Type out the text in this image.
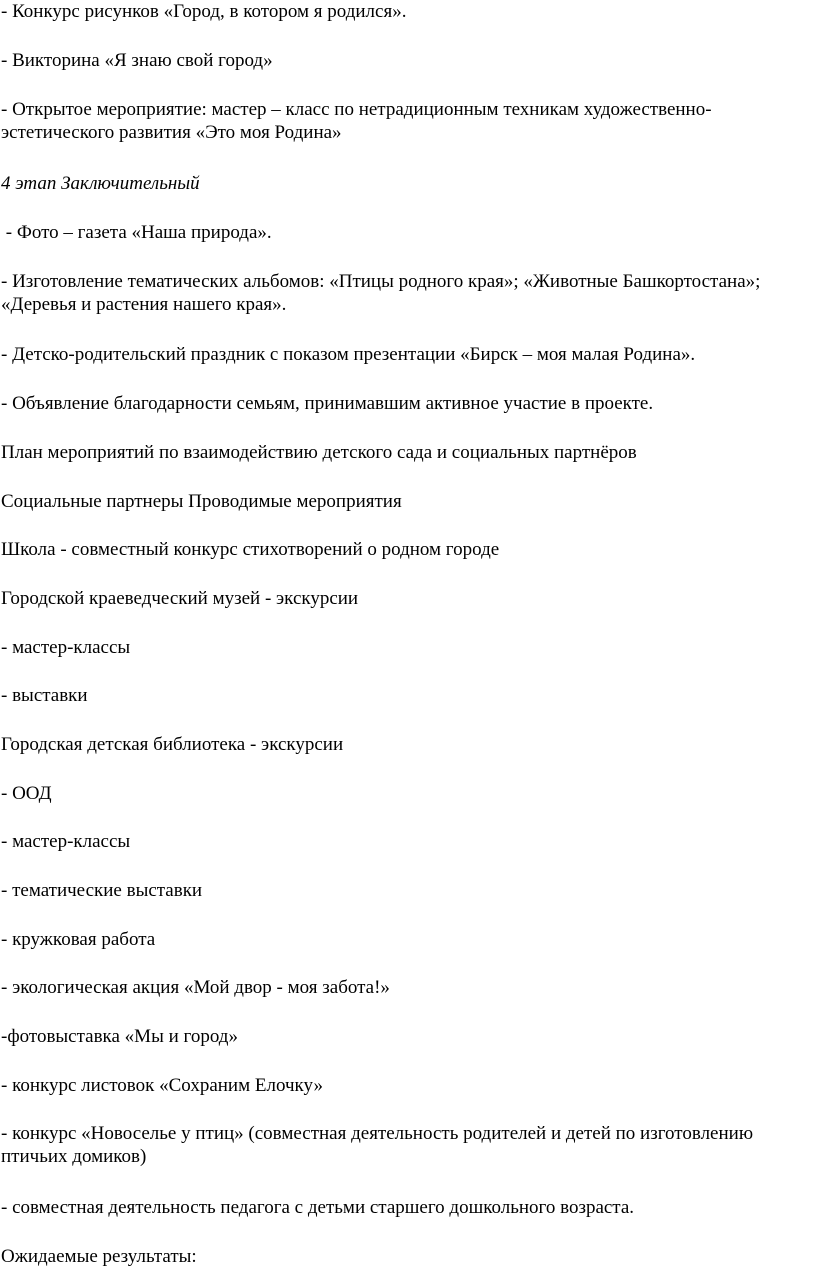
- Конкурс рисунков «Город, в котором я родился».

- Викторина «Я знаю свой город»

- Открытое мероприятие: мастер – класс по нетрадиционным техникам художественно-эстетического развития «Это моя Родина»

4 этап Заключительный

- Фото – газета «Наша природа».

- Изготовление тематических альбомов: «Птицы родного края»; «Животные Башкортостана»; «Деревья и растения нашего края».

- Детско-родительский праздник с показом презентации «Бирск – моя малая Родина».

- Объявление благодарности семьям, принимавшим активное участие в проекте.

План мероприятий по взаимодействию детского сада и социальных партнёров

Социальные партнеры Проводимые мероприятия

Школа - совместный конкурс стихотворений о родном городе

Городской краеведческий музей - экскурсии

- мастер-классы

- выставки

Городская детская библиотека - экскурсии

- ООД

- мастер-классы

- тематические выставки

- кружковая работа

- экологическая акция «Мой двор - моя забота!»

-фотовыставка «Мы и город»

- конкурс листовок «Сохраним Елочку»

- конкурс «Новоселье у птиц» (совместная деятельность родителей и детей по изготовлению птичьих домиков)

- совместная деятельность педагога с детьми старшего дошкольного возраста.

Ожидаемые результаты:
